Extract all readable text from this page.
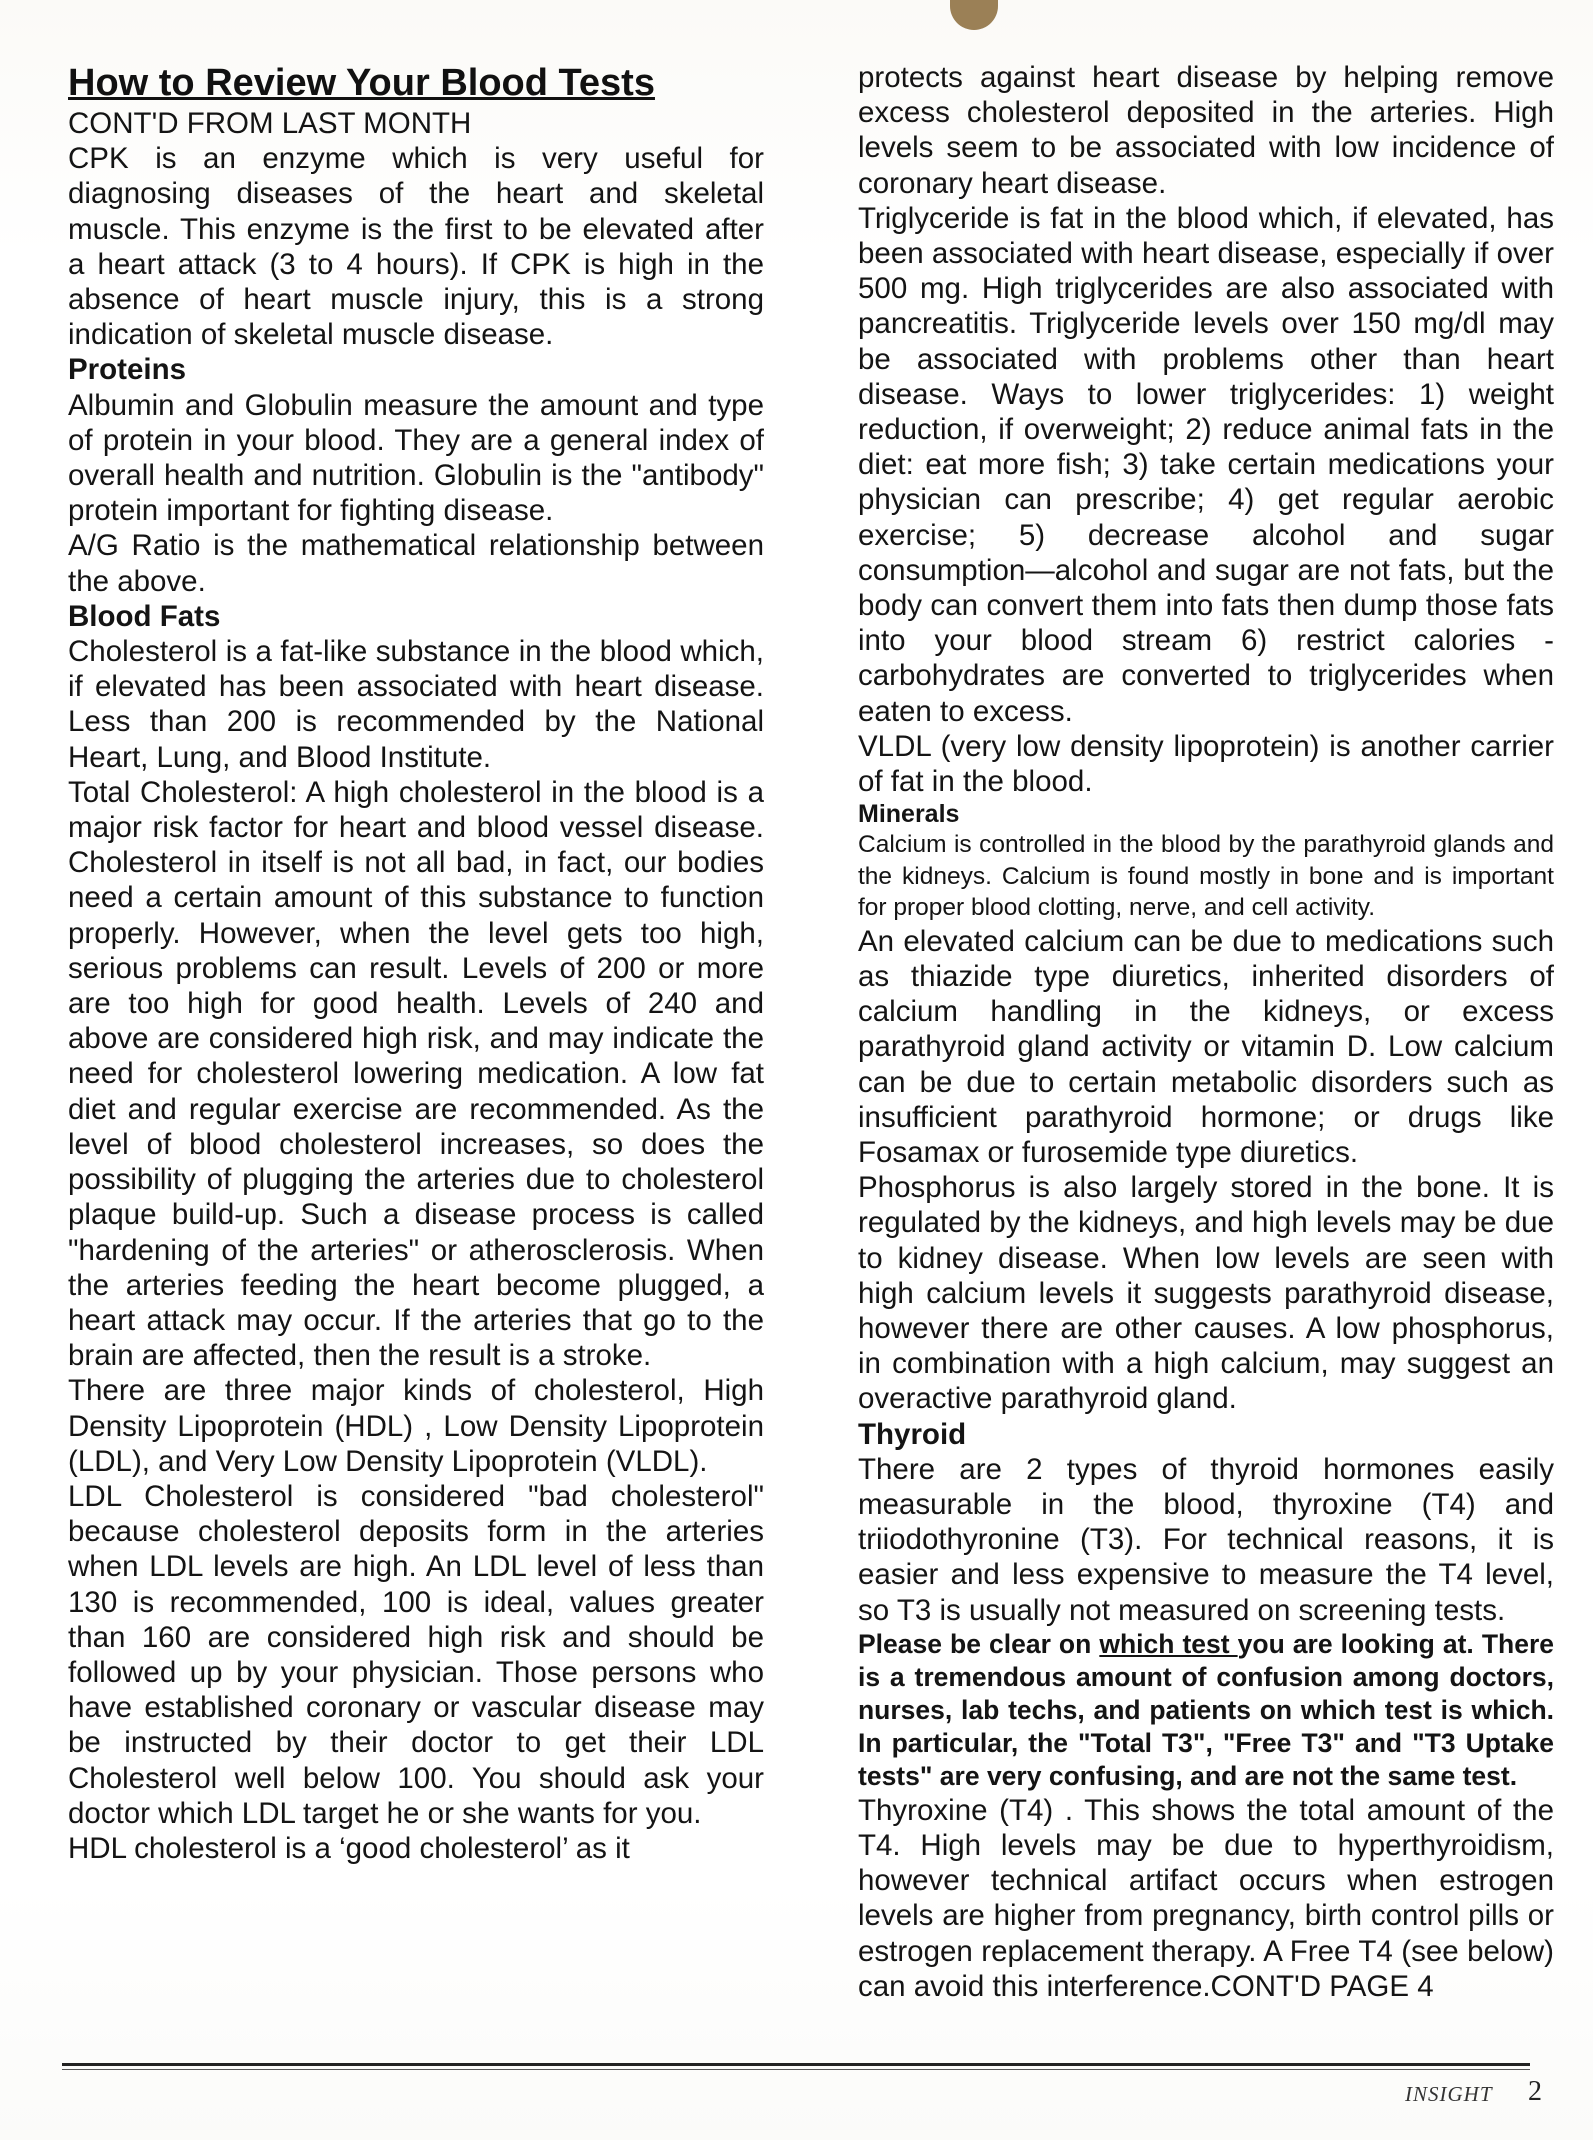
How to Review Your Blood Tests

CONT'D FROM LAST MONTH

CPK is an enzyme which is very useful for diagnosing diseases of the heart and skeletal muscle. This enzyme is the first to be elevated after a heart attack (3 to 4 hours). If CPK is high in the absence of heart muscle injury, this is a strong indication of skeletal muscle disease.

Proteins

Albumin and Globulin measure the amount and type of protein in your blood. They are a general index of overall health and nutrition. Globulin is the "antibody" protein important for fighting disease.

A/G Ratio is the mathematical relationship between the above.

Blood Fats

Cholesterol is a fat-like substance in the blood which, if elevated has been associated with heart disease. Less than 200 is recommended by the National Heart, Lung, and Blood Institute.

Total Cholesterol: A high cholesterol in the blood is a major risk factor for heart and blood vessel disease. Cholesterol in itself is not all bad, in fact, our bodies need a certain amount of this substance to function properly. However, when the level gets too high, serious problems can result. Levels of 200 or more are too high for good health. Levels of 240 and above are considered high risk, and may indicate the need for cholesterol lowering medication. A low fat diet and regular exercise are recommended. As the level of blood cholesterol increases, so does the possibility of plugging the arteries due to cholesterol plaque build-up. Such a disease process is called "hardening of the arteries" or atherosclerosis. When the arteries feeding the heart become plugged, a heart attack may occur. If the arteries that go to the brain are affected, then the result is a stroke.

There are three major kinds of cholesterol, High Density Lipoprotein (HDL) , Low Density Lipoprotein (LDL), and Very Low Density Lipoprotein (VLDL).

LDL Cholesterol is considered "bad cholesterol" because cholesterol deposits form in the arteries when LDL levels are high. An LDL level of less than 130 is recommended, 100 is ideal, values greater than 160 are considered high risk and should be followed up by your physician. Those persons who have established coronary or vascular disease may be instructed by their doctor to get their LDL Cholesterol well below 100. You should ask your doctor which LDL target he or she wants for you.

HDL cholesterol is a ‘good cholesterol’ as it

protects against heart disease by helping remove excess cholesterol deposited in the arteries. High levels seem to be associated with low incidence of coronary heart disease.

Triglyceride is fat in the blood which, if elevated, has been associated with heart disease, especially if over 500 mg. High triglycerides are also associated with pancreatitis. Triglyceride levels over 150 mg/dl may be associated with problems other than heart disease. Ways to lower triglycerides: 1) weight reduction, if overweight; 2) reduce animal fats in the diet: eat more fish; 3) take certain medications your physician can prescribe; 4) get regular aerobic exercise; 5) decrease alcohol and sugar consumption—alcohol and sugar are not fats, but the body can convert them into fats then dump those fats into your blood stream 6) restrict calories - carbohydrates are converted to triglycerides when eaten to excess.

VLDL (very low density lipoprotein) is another carrier of fat in the blood.

Minerals

Calcium is controlled in the blood by the parathyroid glands and the kidneys. Calcium is found mostly in bone and is important for proper blood clotting, nerve, and cell activity.

An elevated calcium can be due to medications such as thiazide type diuretics, inherited disorders of calcium handling in the kidneys, or excess parathyroid gland activity or vitamin D. Low calcium can be due to certain metabolic disorders such as insufficient parathyroid hormone; or drugs like Fosamax or furosemide type diuretics.

Phosphorus is also largely stored in the bone. It is regulated by the kidneys, and high levels may be due to kidney disease. When low levels are seen with high calcium levels it suggests parathyroid disease, however there are other causes. A low phosphorus, in combination with a high calcium, may suggest an overactive parathyroid gland.

Thyroid

There are 2 types of thyroid hormones easily measurable in the blood, thyroxine (T4) and triiodothyronine (T3). For technical reasons, it is easier and less expensive to measure the T4 level, so T3 is usually not measured on screening tests.

Please be clear on which test you are looking at. There is a tremendous amount of confusion among doctors, nurses, lab techs, and patients on which test is which. In particular, the "Total T3", "Free T3" and "T3 Uptake tests" are very confusing, and are not the same test.

Thyroxine (T4) . This shows the total amount of the T4. High levels may be due to hyperthyroidism, however technical artifact occurs when estrogen levels are higher from pregnancy, birth control pills or estrogen replacement therapy. A Free T4 (see below) can avoid this interference.CONT'D PAGE 4

INSIGHT 2
